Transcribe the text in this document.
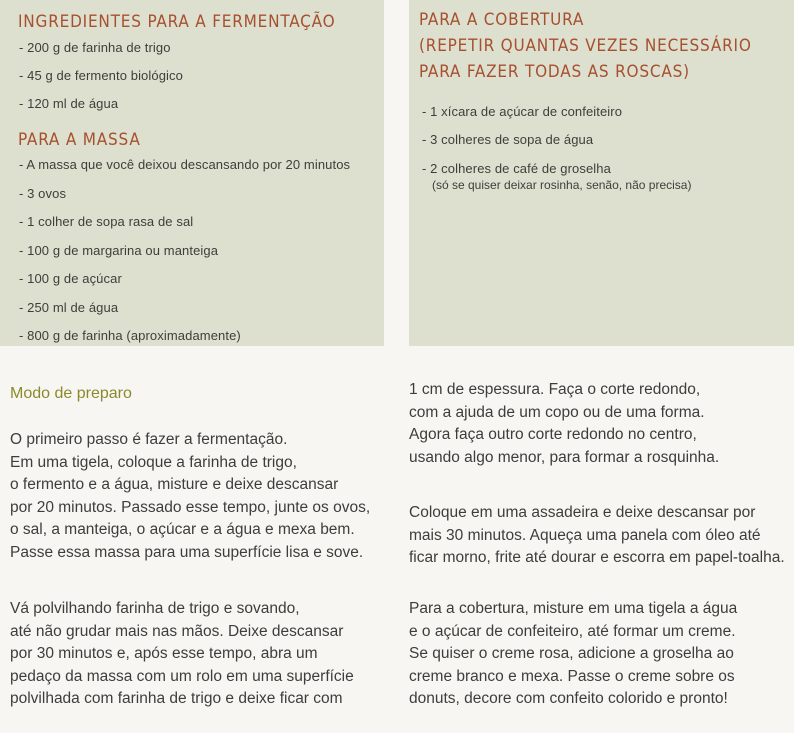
INGREDIENTES PARA A FERMENTAÇÃO
- 200 g de farinha de trigo
- 45 g de fermento biológico
- 120 ml de água
PARA A MASSA
- A massa que você deixou descansando por 20 minutos
- 3 ovos
- 1 colher de sopa rasa de sal
- 100 g de margarina ou manteiga
- 100 g de açúcar
- 250 ml de água
- 800 g de farinha (aproximadamente)
PARA A COBERTURA
(REPETIR QUANTAS VEZES NECESSÁRIO
PARA FAZER TODAS AS ROSCAS)
- 1 xícara de açúcar de confeiteiro
- 3 colheres de sopa de água
- 2 colheres de café de groselha
(só se quiser deixar rosinha, senão, não precisa)
Modo de preparo
O primeiro passo é fazer a fermentação.
Em uma tigela, coloque a farinha de trigo,
o fermento e a água, misture e deixe descansar
por 20 minutos. Passado esse tempo, junte os ovos,
o sal, a manteiga, o açúcar e a água e mexa bem.
Passe essa massa para uma superfície lisa e sove.
Vá polvilhando farinha de trigo e sovando,
até não grudar mais nas mãos. Deixe descansar
por 30 minutos e, após esse tempo, abra um
pedaço da massa com um rolo em uma superfície
polvilhada com farinha de trigo e deixe ficar com
1 cm de espessura. Faça o corte redondo,
com a ajuda de um copo ou de uma forma.
Agora faça outro corte redondo no centro,
usando algo menor, para formar a rosquinha.
Coloque em uma assadeira e deixe descansar por
mais 30 minutos. Aqueça uma panela com óleo até
ficar morno, frite até dourar e escorra em papel-toalha.
Para a cobertura, misture em uma tigela a água
e o açúcar de confeiteiro, até formar um creme.
Se quiser o creme rosa, adicione a groselha ao
creme branco e mexa. Passe o creme sobre os
donuts, decore com confeito colorido e pronto!
